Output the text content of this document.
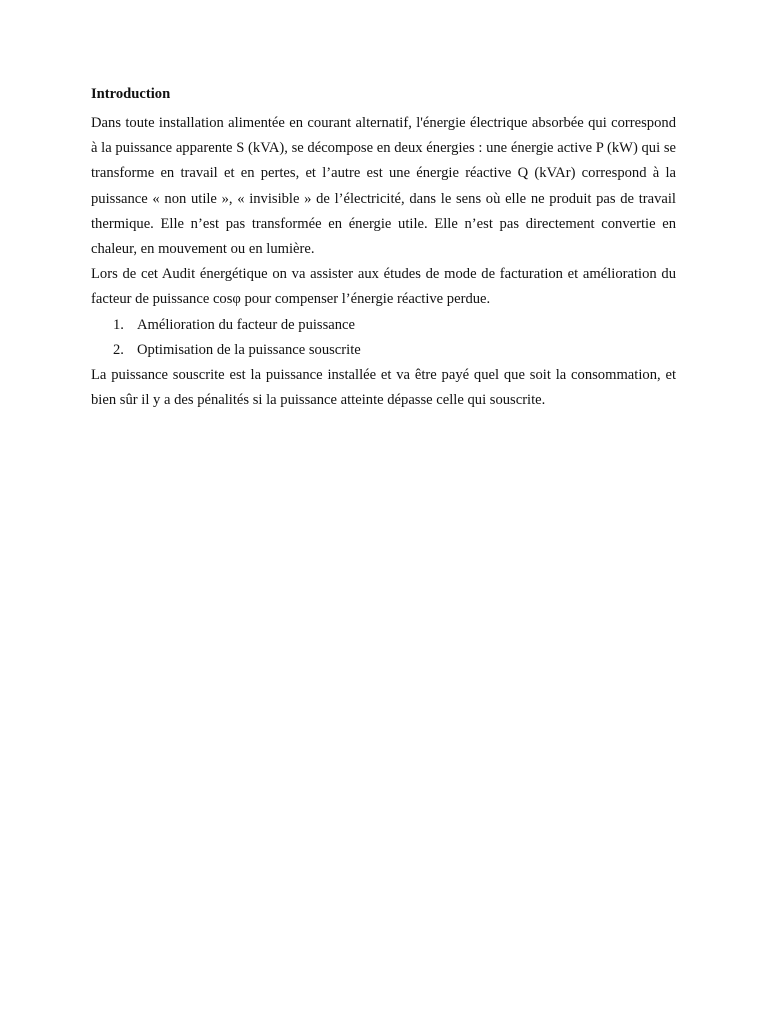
Introduction

Dans toute installation alimentée en courant alternatif, l'énergie électrique absorbée qui correspond à la puissance apparente S (kVA), se décompose en deux énergies : une énergie active P (kW) qui se transforme en travail et en pertes, et l’autre est une énergie réactive Q (kVAr) correspond à la puissance « non utile », « invisible » de l’électricité, dans le sens où elle ne produit pas de travail thermique. Elle n’est pas transformée en énergie utile. Elle n’est pas directement convertie en chaleur, en mouvement ou en lumière.

Lors de cet Audit énergétique on va assister aux études de mode de facturation et amélioration du facteur de puissance cosφ pour compenser l’énergie réactive perdue.

1. Amélioration du facteur de puissance
2. Optimisation de la puissance souscrite

La puissance souscrite est la puissance installée et va être payé quel que soit la consommation, et bien sûr il y a des pénalités si la puissance atteinte dépasse celle qui souscrite.
